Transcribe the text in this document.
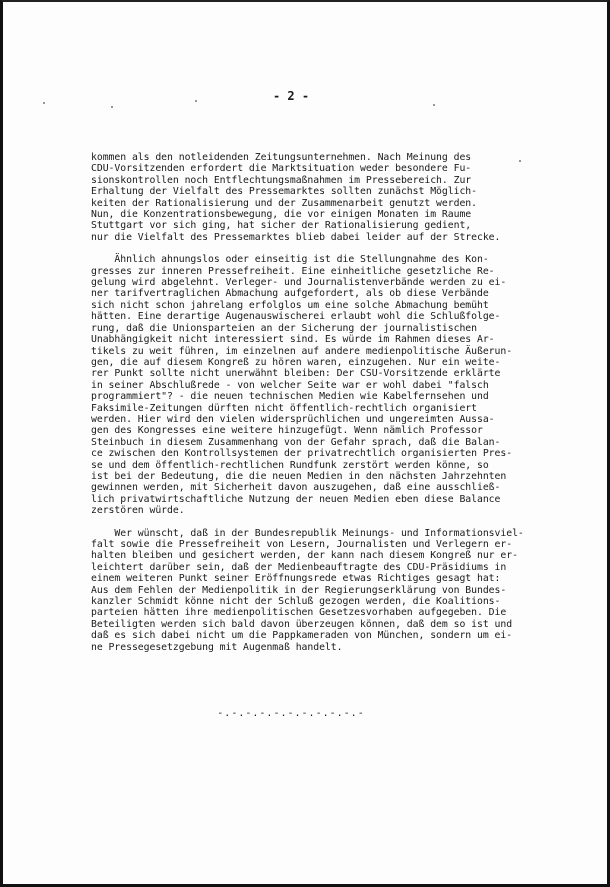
- 2 -
kommen als den notleidenden Zeitungsunternehmen. Nach Meinung des
CDU-Vorsitzenden erfordert die Marktsituation weder besondere Fu-
sionskontrollen noch Entflechtungsmaßnahmen im Pressebereich. Zur
Erhaltung der Vielfalt des Pressemarktes sollten zunächst Möglich-
keiten der Rationalisierung und der Zusammenarbeit genutzt werden.
Nun, die Konzentrationsbewegung, die vor einigen Monaten im Raume
Stuttgart vor sich ging, hat sicher der Rationalisierung gedient,
nur die Vielfalt des Pressemarktes blieb dabei leider auf der Strecke.
Ähnlich ahnungslos oder einseitig ist die Stellungnahme des Kon-
gresses zur inneren Pressefreiheit. Eine einheitliche gesetzliche Re-
gelung wird abgelehnt. Verleger- und Journalistenverbände werden zu ei-
ner tarifvertraglichen Abmachung aufgefordert, als ob diese Verbände
sich nicht schon jahrelang erfolglos um eine solche Abmachung bemüht
hätten. Eine derartige Augenauswischerei erlaubt wohl die Schlußfolge-
rung, daß die Unionsparteien an der Sicherung der journalistischen
Unabhängigkeit nicht interessiert sind. Es würde im Rahmen dieses Ar-
tikels zu weit führen, im einzelnen auf andere medienpolitische Äußerun-
gen, die auf diesem Kongreß zu hören waren, einzugehen. Nur ein weite-
rer Punkt sollte nicht unerwähnt bleiben: Der CSU-Vorsitzende erklärte
in seiner Abschlußrede - von welcher Seite war er wohl dabei "falsch
programmiert"? - die neuen technischen Medien wie Kabelfernsehen und
Faksimile-Zeitungen dürften nicht öffentlich-rechtlich organisiert
werden. Hier wird den vielen widersprüchlichen und ungereimten Aussa-
gen des Kongresses eine weitere hinzugefügt. Wenn nämlich Professor
Steinbuch in diesem Zusammenhang von der Gefahr sprach, daß die Balan-
ce zwischen den Kontrollsystemen der privatrechtlich organisierten Pres-
se und dem öffentlich-rechtlichen Rundfunk zerstört werden könne, so
ist bei der Bedeutung, die die neuen Medien in den nächsten Jahrzehnten
gewinnen werden, mit Sicherheit davon auszugehen, daß eine ausschließ-
lich privatwirtschaftliche Nutzung der neuen Medien eben diese Balance
zerstören würde.
Wer wünscht, daß in der Bundesrepublik Meinungs- und Informationsviel-
falt sowie die Pressefreiheit von Lesern, Journalisten und Verlegern er-
halten bleiben und gesichert werden, der kann nach diesem Kongreß nur er-
leichtert darüber sein, daß der Medienbeauftragte des CDU-Präsidiums in
einem weiteren Punkt seiner Eröffnungsrede etwas Richtiges gesagt hat:
Aus dem Fehlen der Medienpolitik in der Regierungserklärung von Bundes-
kanzler Schmidt könne nicht der Schluß gezogen werden, die Koalitions-
parteien hätten ihre medienpolitischen Gesetzesvorhaben aufgegeben. Die
Beteiligten werden sich bald davon überzeugen können, daß dem so ist und
daß es sich dabei nicht um die Pappkameraden von München, sondern um ei-
ne Pressegesetzgebung mit Augenmaß handelt.
-.-.-.-.-.-.-.-.-.-.-
